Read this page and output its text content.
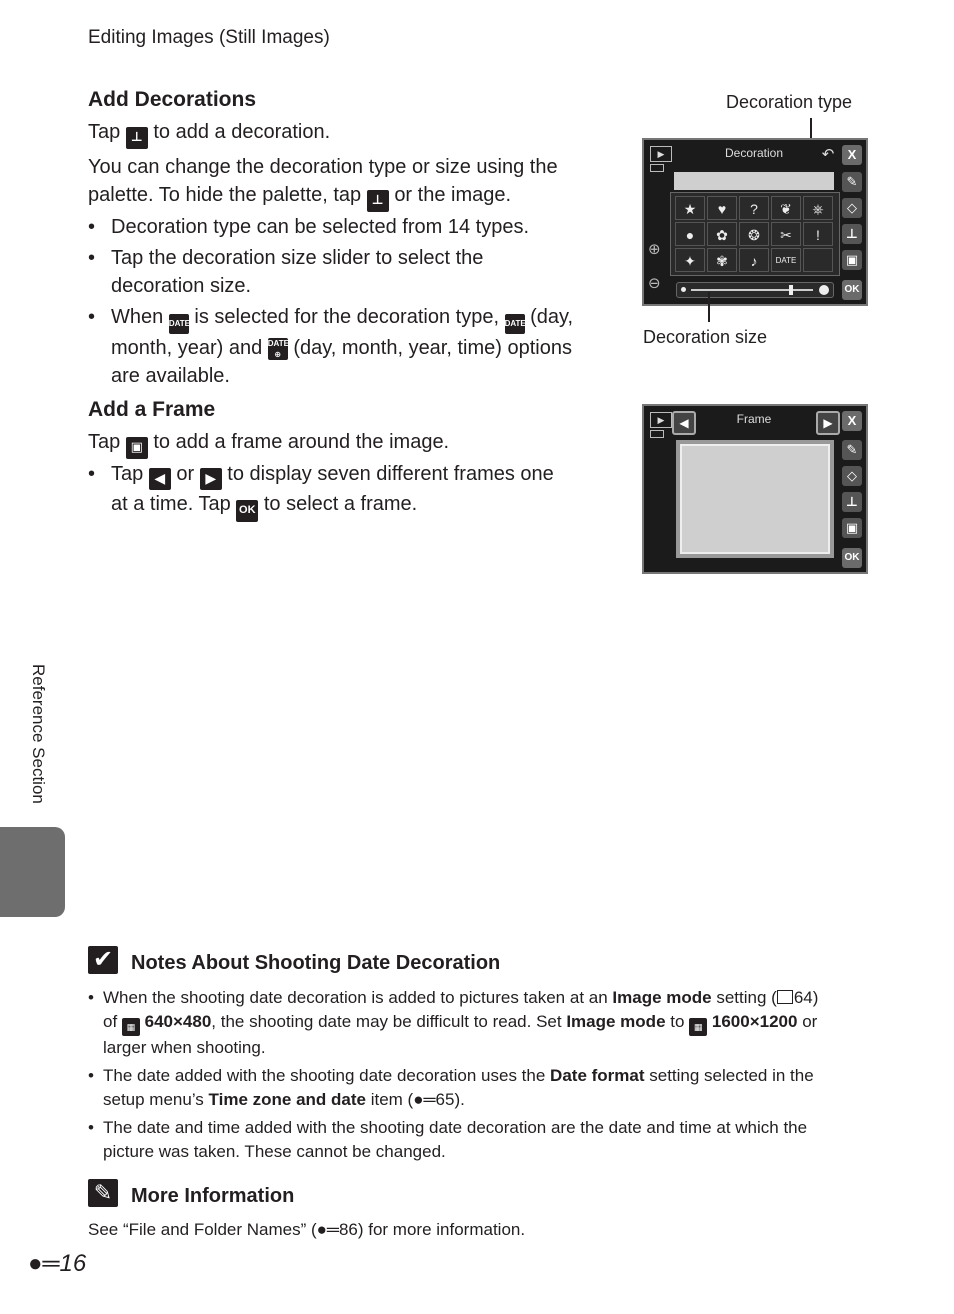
Editing Images (Still Images)
Add Decorations
Tap ⊥ to add a decoration.
You can change the decoration type or size using the
palette. To hide the palette, tap ⊥ or the image.
• Decoration type can be selected from 14 types.
• Tap the decoration size slider to select the
decoration size.
• When DATE is selected for the decoration type, DATE (day,
month, year) and DATE
⊕ (day, month, year, time) options
are available.
Add a Frame
Tap ▣ to add a frame around the image.
• Tap ◀ or ▶ to display seven different frames one
at a time. Tap OK to select a frame.
Decoration type
▶	Decoration	↶	X
✎
◇
⊥
▣
OK
⊕
⊖
★	♥	?	❦	⎈
●	✿	❂	✂	!
✦	✾	♪	DATE
Decoration size
▶	◀	Frame	▶	X
✎
◇
⊥
▣
OK
Reference Section
✔ Notes About Shooting Date Decoration
• When the shooting date decoration is added to pictures taken at an Image mode setting ( 64)
of ▦ 640×480, the shooting date may be difficult to read. Set Image mode to ▦ 1600×1200 or
larger when shooting.
• The date added with the shooting date decoration uses the Date format setting selected in the
setup menu’s Time zone and date item (●═65).
• The date and time added with the shooting date decoration are the date and time at which the
picture was taken. These cannot be changed.
✎ More Information
See “File and Folder Names” (●═86) for more information.
●═16
